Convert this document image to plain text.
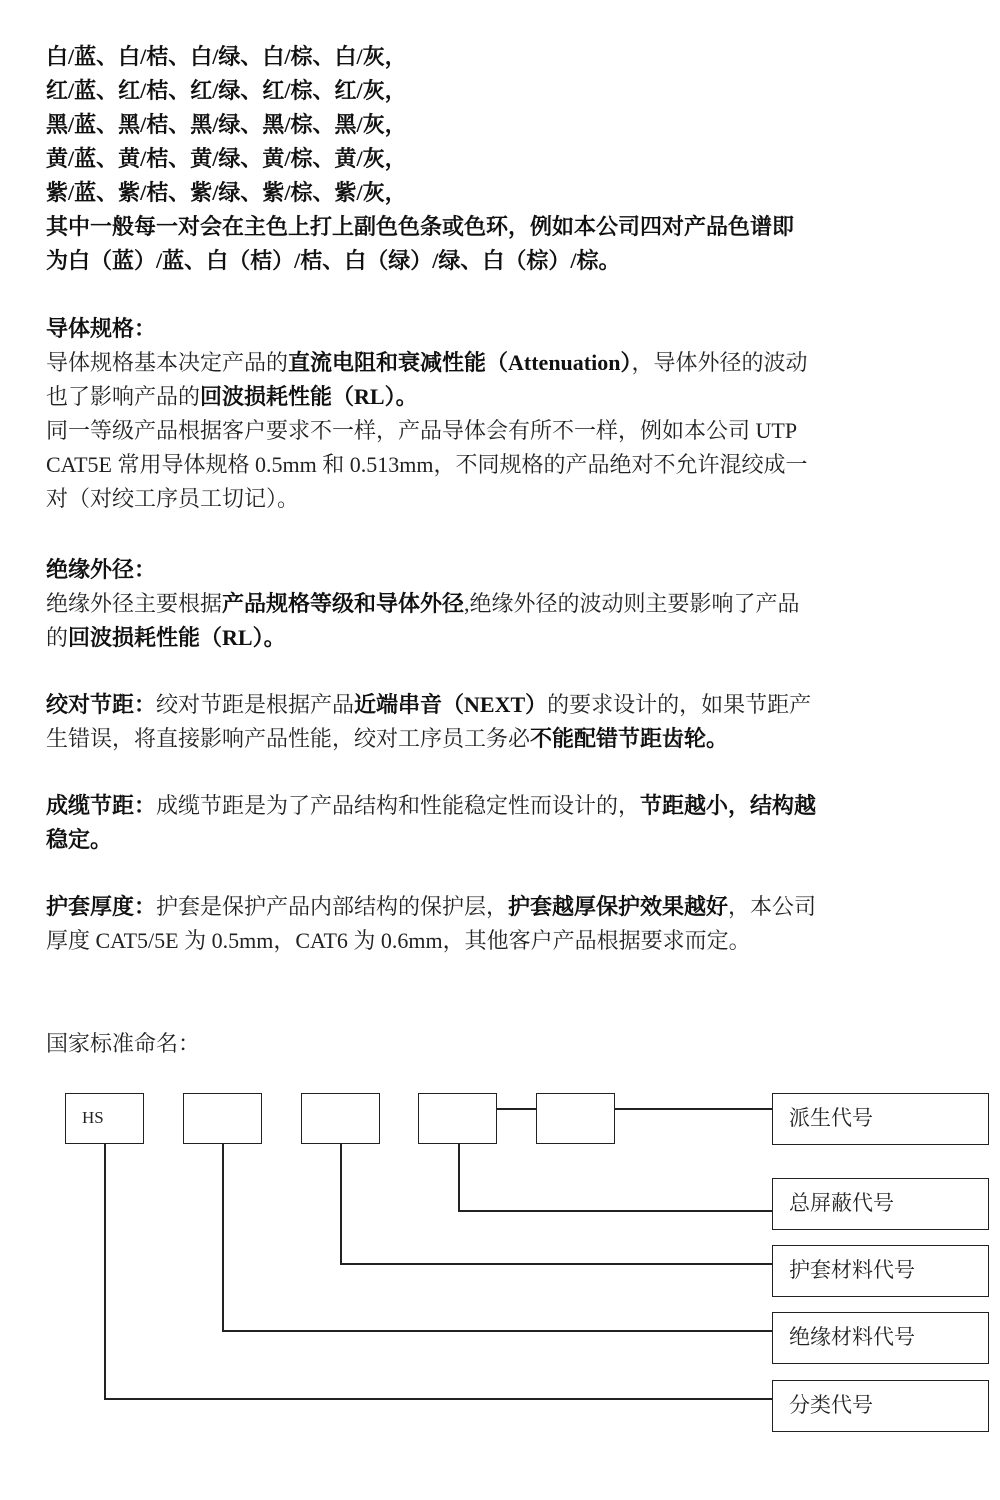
白/蓝、白/桔、白/绿、白/棕、白/灰，
红/蓝、红/桔、红/绿、红/棕、红/灰，
黑/蓝、黑/桔、黑/绿、黑/棕、黑/灰，
黄/蓝、黄/桔、黄/绿、黄/棕、黄/灰，
紫/蓝、紫/桔、紫/绿、紫/棕、紫/灰，
其中一般每一对会在主色上打上副色色条或色环，例如本公司四对产品色谱即
为白（蓝）/蓝、白（桔）/桔、白（绿）/绿、白（棕）/棕。
导体规格：
导体规格基本决定产品的直流电阻和衰减性能（Attenuation），导体外径的波动
也了影响产品的回波损耗性能（RL）。
同一等级产品根据客户要求不一样，产品导体会有所不一样，例如本公司 UTP
CAT5E 常用导体规格 0.5mm 和 0.513mm，不同规格的产品绝对不允许混绞成一
对（对绞工序员工切记）。
绝缘外径：
绝缘外径主要根据产品规格等级和导体外径,绝缘外径的波动则主要影响了产品
的回波损耗性能（RL）。
绞对节距：绞对节距是根据产品近端串音（NEXT）的要求设计的，如果节距产
生错误，将直接影响产品性能，绞对工序员工务必不能配错节距齿轮。
成缆节距：成缆节距是为了产品结构和性能稳定性而设计的，节距越小，结构越
稳定。
护套厚度：护套是保护产品内部结构的保护层，护套越厚保护效果越好，本公司
厚度 CAT5/5E 为 0.5mm，CAT6 为 0.6mm，其他客户产品根据要求而定。
国家标准命名：
HS	派生代号
总屏蔽代号
护套材料代号
绝缘材料代号
分类代号
